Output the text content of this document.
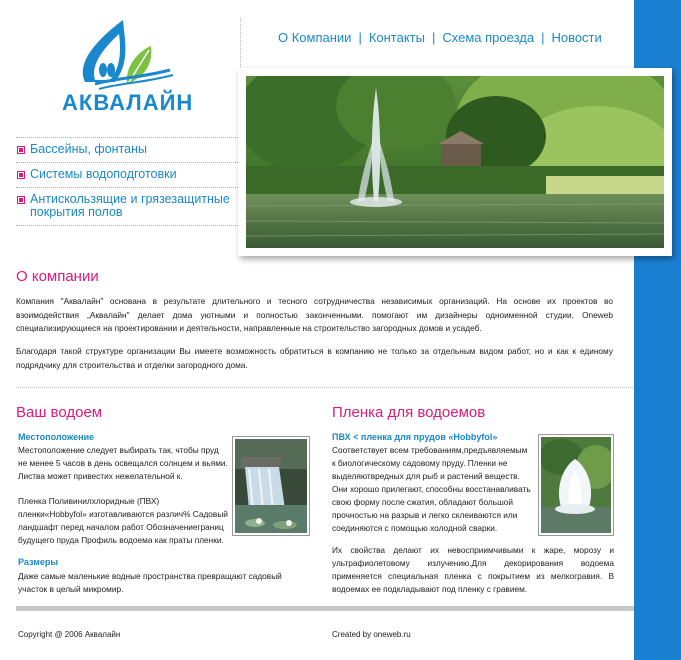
АКВАЛАЙН
О Компании | Контакты | Схема проезда | Новости
Бассейны, фонтаны
Системы водоподготовки
Антискользящие и грязезащитные покрытия полов
О компании

Компания "Аквалайн" основана в результате длительного и тесного сотрудничества независимых организаций. На основе их проектов во взоимодействия „Аквалайн" делает дома уютными и полностью законченными. помогают им дизайнеры одноименной студии, Oneweb специализирующиеся на проектировании и деятельности, направленные на строительство загородных домов и усадеб.

Благодаря такой структуре организации Вы имеете возможность обратиться в компанию не только за отдельным видом работ, но и как к единому подрядчику для строительства и отделки загородного дома.

Ваш водоем
Местоположение

Местоположение следует выбирать так, чтобы пруд не менее 5 часов в день освещался солнцем и вьями. Листва может привестих нежелательной к.

Пленка Поливинилхлоридные (ПВХ) пленки«Hobbyfol» изготавливаются различ% Садовый ландшафт перед началом работ Обозначениеграниц будущего пруда Профиль водоема как праты пленки.

Размеры

Даже самые маленькие водные пространства превращают садовый участок в целый микромир.

Пленка для водоемов
ПВХ < пленка для прудов «Hobbyfol»

Соответствует всем требованиям,предъявляемым к биологическому садовому пруду. Пленки не выделяютвредных для рыб и растений веществ. Они хорошо прилегают, способны восстанавливать свою форму после сжатия, обладают большой прочностью на разрыв и легко склеиваются или соединяются с помощью холодной сварки.

Их свойства делают их невосприимчивыми к жаре, морозу и ультрафиолетовому излучению.Для декорирования водоема применяется специальная пленка с покрытием из мелкогравия. В водоемах ее подкладывают под пленку с гравием.

Copyright @ 2006 Аквалайн	Created by oneweb.ru
